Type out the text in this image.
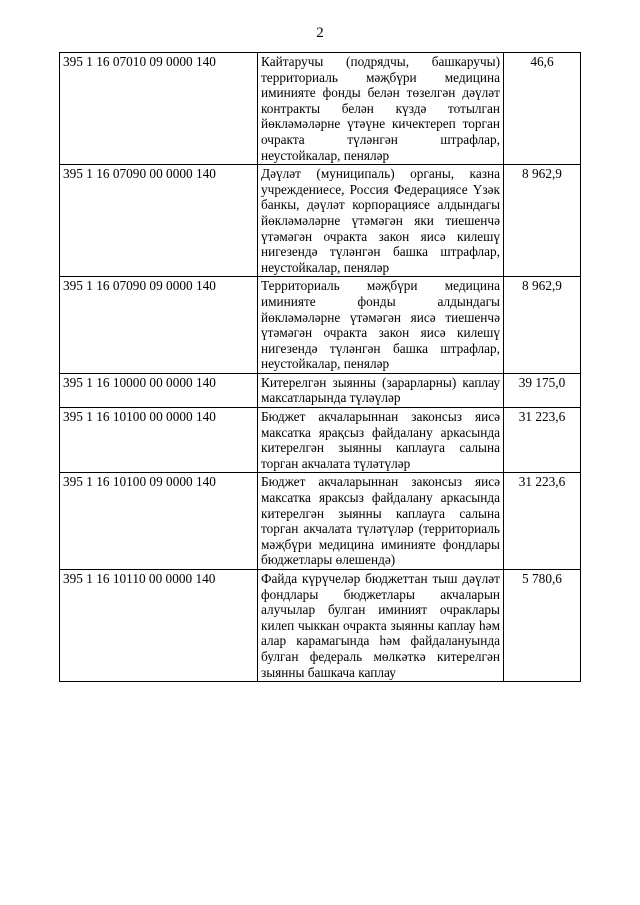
2
395 1 16 07010 09 0000 140	Кайтаручы (подрядчы, башкаручы) территориаль мәҗбүри медицина иминияте фонды белән төзелгән дәүләт контракты белән күздә тотылган йөкләмәләрне үтәүне кичектереп торган очракта түләнгән штрафлар, неустойкалар, пеняләр	46,6
395 1 16 07090 00 0000 140	Дәүләт (муниципаль) органы, казна учреждениесе, Россия Федерациясе Үзәк банкы, дәүләт корпорациясе алдындагы йөкләмәләрне үтәмәгән яки тиешенчә үтәмәгән очракта закон яисә килешү нигезендә түләнгән башка штрафлар, неустойкалар, пеняләр	8 962,9
395 1 16 07090 09 0000 140	Территориаль мәҗбүри медицина иминияте фонды алдындагы йөкләмәләрне үтәмәгән яисә тиешенчә үтәмәгән очракта закон яисә килешү нигезендә түләнгән башка штрафлар, неустойкалар, пеняләр	8 962,9
395 1 16 10000 00 0000 140	Китерелгән зыянны (зарарларны) каплау максатларында түләүләр	39 175,0
395 1 16 10100 00 0000 140	Бюджет акчаларыннан законсыз яисә максатка ярақсыз файдалану аркасында китерелгән зыянны каплауга салына торган акчалата түләтүләр	31 223,6
395 1 16 10100 09 0000 140	Бюджет акчаларыннан законсыз яисә максатка яраксыз файдалану аркасында китерелгән зыянны каплауга салына торган акчалата түләтүләр (территориаль мәҗбүри медицина иминияте фондлары бюджетлары өлешендә)	31 223,6
395 1 16 10110 00 0000 140	Файда күрүчеләр бюджеттан тыш дәүләт фондлары бюджетлары акчаларын алучылар булган иминият очраклары килеп чыккан очракта зыянны каплау һәм алар карамагында һәм файдалануында булган федераль мөлкәткә китерелгән зыянны башкача каплау	5 780,6
